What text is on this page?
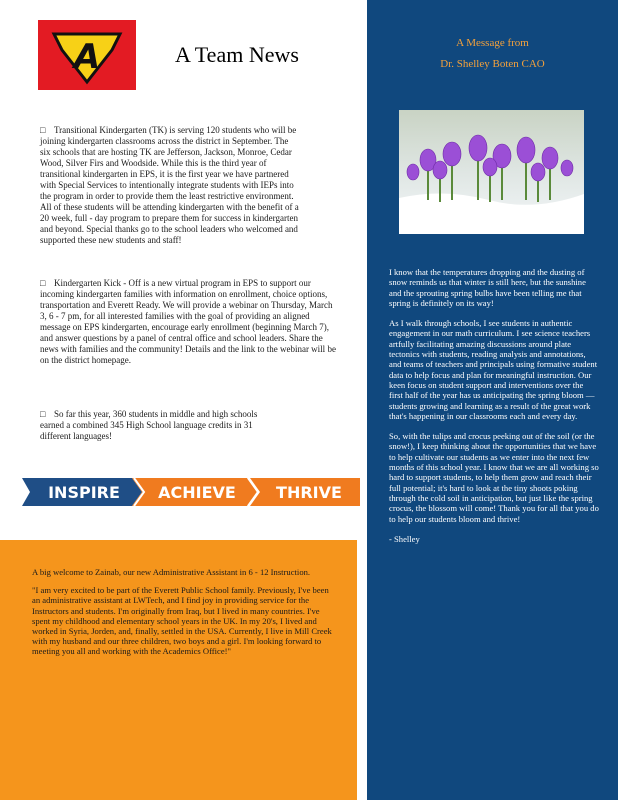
A	A Team News

□ Transitional Kindergarten (TK) is serving 120 students who will be joining kindergarten classrooms across the district in September. The six schools that are hosting TK are Jefferson, Jackson, Monroe, Cedar Wood, Silver Firs and Woodside. While this is the third year of transitional kindergarten in EPS, it is the first year we have partnered with Special Services to intentionally integrate students with IEPs into the program in order to provide them the least restrictive environment. All of these students will be attending kindergarten with the benefit of a 20 week, full - day program to prepare them for success in kindergarten and beyond. Special thanks go to the school leaders who welcomed and supported these new students and staff!

□ Kindergarten Kick - Off is a new virtual program in EPS to support our incoming kindergarten families with information on enrollment, choice options, transportation and Everett Ready. We will provide a webinar on Thursday, March 3, 6 - 7 pm, for all interested families with the goal of providing an aligned message on EPS kindergarten, encourage early enrollment (beginning March 7), and answer questions by a panel of central office and school leaders. Share the news with families and the community! Details and the link to the webinar will be on the district homepage.

□ So far this year, 360 students in middle and high schools earned a combined 345 High School language credits in 31 different languages!

INSPIRE ACHIEVE	THRIVE
A Message from
Dr. Shelley Boten CAO

I know that the temperatures dropping and the dusting of snow reminds us that winter is still here, but the sunshine and the sprouting spring bulbs have been telling me that spring is definitely on its way!

As I walk through schools, I see students in authentic engagement in our math curriculum. I see science teachers artfully facilitating amazing discussions around plate tectonics with students, reading analysis and annotations, and teams of teachers and principals using formative student data to help focus and plan for meaningful instruction. Our keen focus on student support and interventions over the first half of the year has us anticipating the spring bloom — students growing and learning as a result of the great work that's happening in our classrooms each and every day.

So, with the tulips and crocus peeking out of the soil (or the snow!), I keep thinking about the opportunities that we have to help cultivate our students as we enter into the next few months of this school year. I know that we are all working so hard to support students, to help them grow and reach their full potential; it's hard to look at the tiny shoots poking through the cold soil in anticipation, but just like the spring crocus, the blossom will come! Thank you for all that you do to help our students bloom and thrive!

- Shelley

A big welcome to Zainab, our new Administrative Assistant in 6 - 12 Instruction.

"I am very excited to be part of the Everett Public School family. Previously, I've been an administrative assistant at LWTech, and I find joy in providing service for the Instructors and students. I'm originally from Iraq, but I lived in many countries. I've spent my childhood and elementary school years in the UK. In my 20's, I lived and worked in Syria, Jorden, and, finally, settled in the USA. Currently, I live in Mill Creek with my husband and our three children, two boys and a girl. I'm looking forward to meeting you all and working with the Academics Office!"
